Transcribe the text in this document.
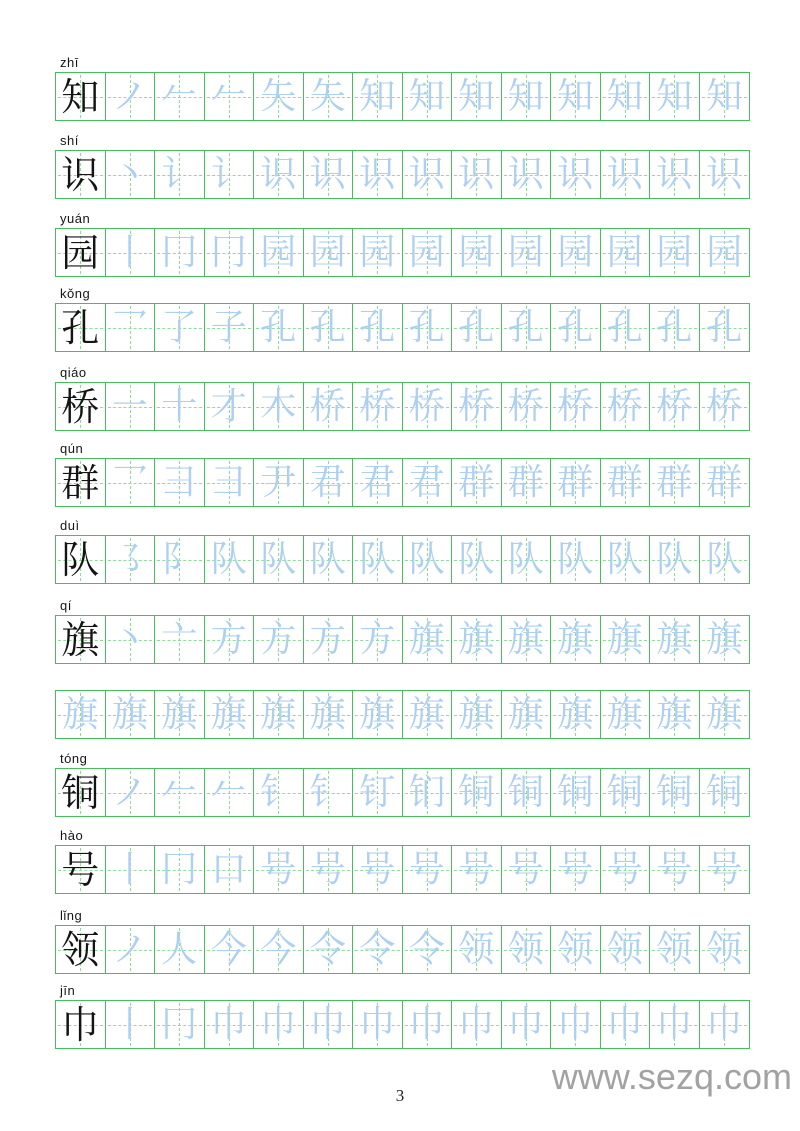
zhī
知 ノ 𠂉 𠂉 矢 矢 知 知 知 知 知 知 知 知
shí
识 丶 讠 讠 识 识 识 识 识 识 识 识 识 识
yuán
园 丨 冂 冂 园 园 园 园 园 园 园 园 园 园
kǒng
孔 乛 了 子 孔 孔 孔 孔 孔 孔 孔 孔 孔 孔
qiáo
桥 一 十 才 木 桥 桥 桥 桥 桥 桥 桥 桥 桥
qún
群 乛 彐 彐 尹 君 君 君 群 群 群 群 群 群
duì
队 ㇌ 阝 队 队 队 队 队 队 队 队 队 队 队
qí
旗 丶 亠 方 方 方 方 旗 旗 旗 旗 旗 旗 旗
旗 旗 旗 旗 旗 旗 旗 旗 旗 旗 旗 旗 旗 旗
tóng
铜 ノ 𠂉 𠂉 钅 钅 钉 钔 铜 铜 铜 铜 铜 铜
hào
号 丨 冂 口 号 号 号 号 号 号 号 号 号 号
lǐng
领 ノ 人 今 今 令 令 令 领 领 领 领 领 领
jīn
巾 丨 冂 巾 巾 巾 巾 巾 巾 巾 巾 巾 巾 巾
3	www.sezq.com
